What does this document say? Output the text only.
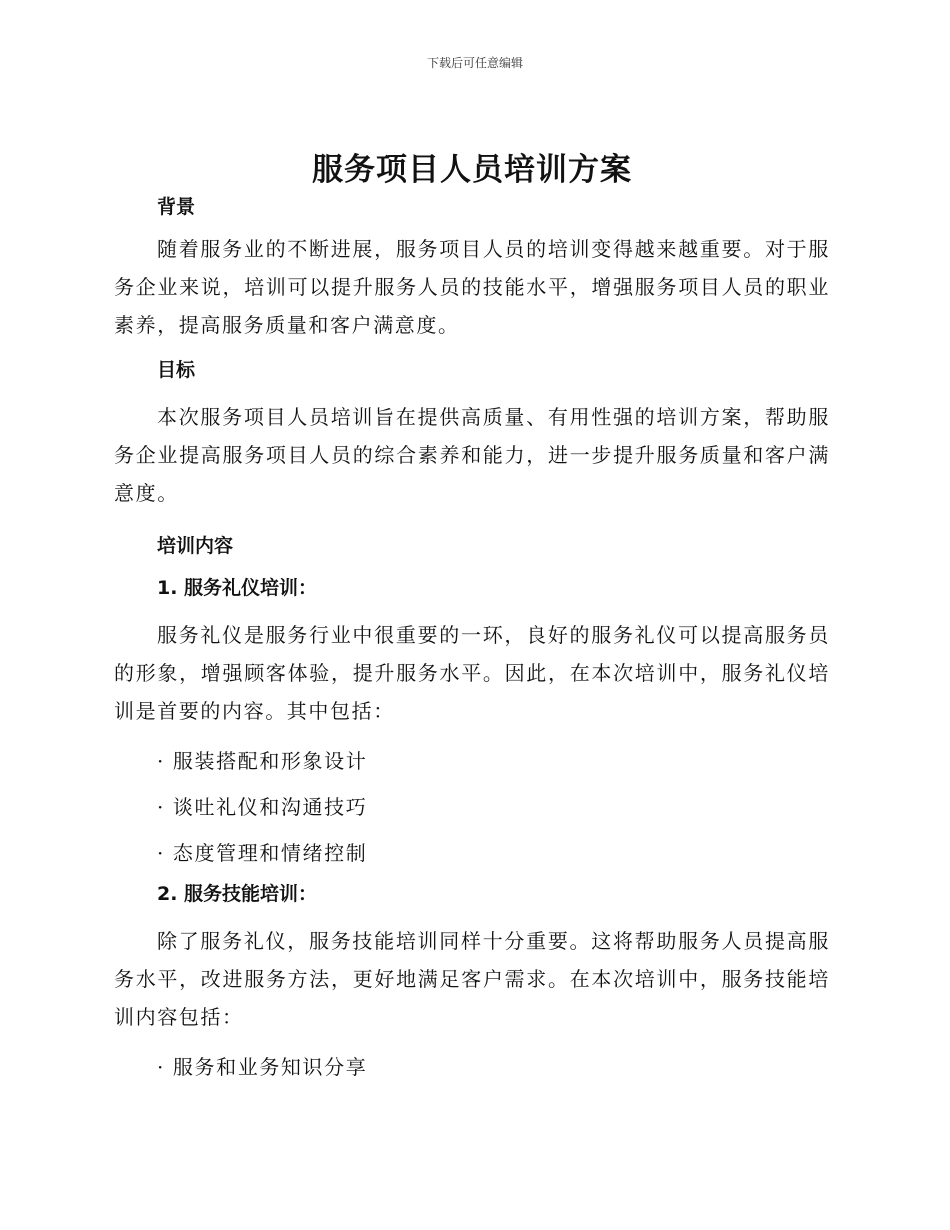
下载后可任意编辑
服务项目人员培训方案
背景

随着服务业的不断进展，服务项目人员的培训变得越来越重要。对于服务企业来说，培训可以提升服务人员的技能水平，增强服务项目人员的职业素养，提高服务质量和客户满意度。

目标

本次服务项目人员培训旨在提供高质量、有用性强的培训方案，帮助服务企业提高服务项目人员的综合素养和能力，进一步提升服务质量和客户满意度。

培训内容
1. 服务礼仪培训：

服务礼仪是服务行业中很重要的一环，良好的服务礼仪可以提高服务员的形象，增强顾客体验，提升服务水平。因此，在本次培训中，服务礼仪培训是首要的内容。其中包括：

· 服装搭配和形象设计
· 谈吐礼仪和沟通技巧
· 态度管理和情绪控制
2. 服务技能培训：

除了服务礼仪，服务技能培训同样十分重要。这将帮助服务人员提高服务水平，改进服务方法，更好地满足客户需求。在本次培训中，服务技能培训内容包括：

· 服务和业务知识分享
